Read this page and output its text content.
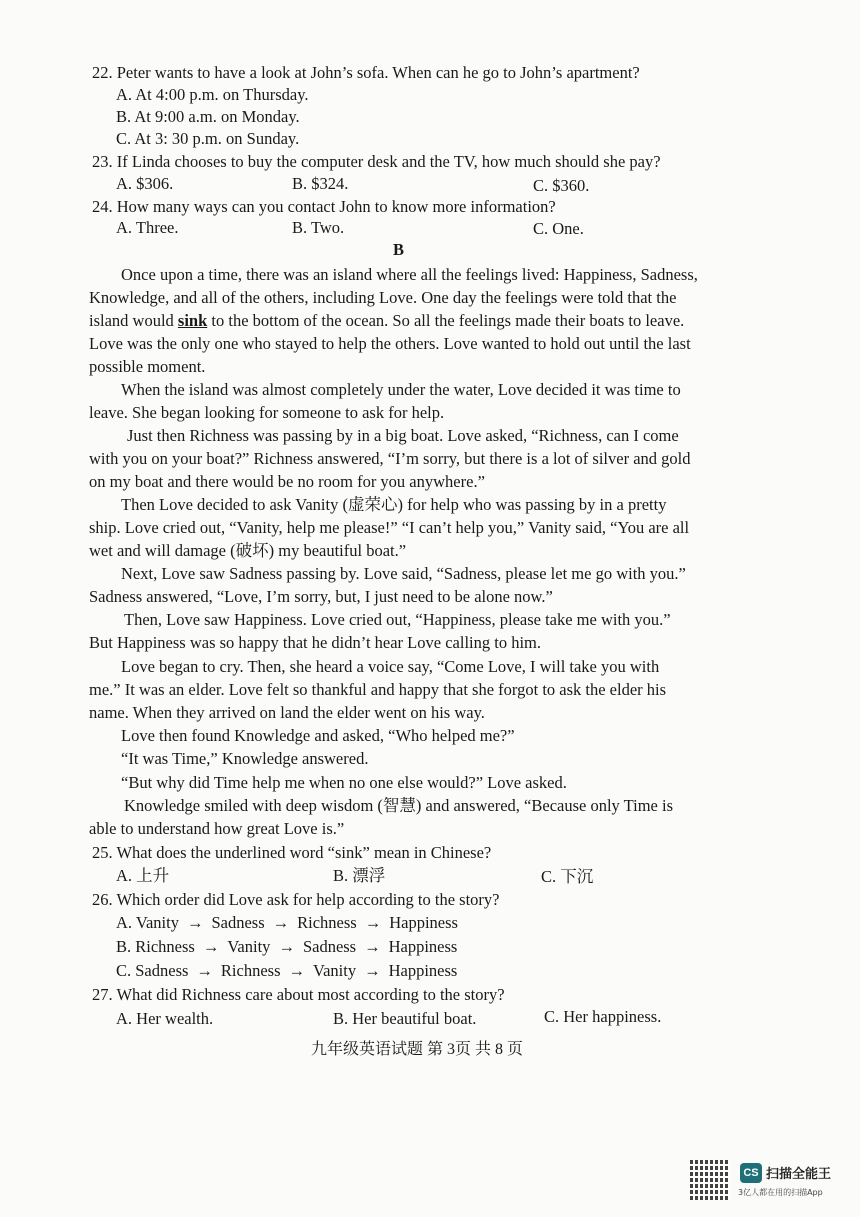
22. Peter wants to have a look at John’s sofa. When can he go to John’s apartment?
A. At 4:00 p.m. on Thursday.
B. At 9:00 a.m. on Monday.
C. At 3: 30 p.m. on Sunday.
23. If Linda chooses to buy the computer desk and the TV, how much should she pay?
A. $306.	B. $324.	C. $360.
24. How many ways can you contact John to know more information?
A. Three.	B. Two.	C. One.
B
Once upon a time, there was an island where all the feelings lived: Happiness, Sadness,
Knowledge, and all of the others, including Love. One day the feelings were told that the
island would sink to the bottom of the ocean. So all the feelings made their boats to leave.
Love was the only one who stayed to help the others. Love wanted to hold out until the last
possible moment.
When the island was almost completely under the water, Love decided it was time to
leave. She began looking for someone to ask for help.
Just then Richness was passing by in a big boat. Love asked, “Richness, can I come
with you on your boat?” Richness answered, “I’m sorry, but there is a lot of silver and gold
on my boat and there would be no room for you anywhere.”
Then Love decided to ask Vanity (虚荣心) for help who was passing by in a pretty
ship. Love cried out, “Vanity, help me please!” “I can’t help you,” Vanity said, “You are all
wet and will damage (破坏) my beautiful boat.”
Next, Love saw Sadness passing by. Love said, “Sadness, please let me go with you.”
Sadness answered, “Love, I’m sorry, but, I just need to be alone now.”
Then, Love saw Happiness. Love cried out, “Happiness, please take me with you.”
But Happiness was so happy that he didn’t hear Love calling to him.
Love began to cry. Then, she heard a voice say, “Come Love, I will take you with
me.” It was an elder. Love felt so thankful and happy that she forgot to ask the elder his
name. When they arrived on land the elder went on his way.
Love then found Knowledge and asked, “Who helped me?”
“It was Time,” Knowledge answered.
“But why did Time help me when no one else would?” Love asked.
Knowledge smiled with deep wisdom (智慧) and answered, “Because only Time is
able to understand how great Love is.”
25. What does the underlined word “sink” mean in Chinese?
A. 上升	B. 漂浮	C. 下沉
26. Which order did Love ask for help according to the story?
A. Vanity → Sadness → Richness → Happiness
B. Richness → Vanity → Sadness → Happiness
C. Sadness → Richness → Vanity → Happiness
27. What did Richness care about most according to the story?
A. Her wealth.	B. Her beautiful boat.	C. Her happiness.
九年级英语试题 第 3页 共 8 页
CS 扫描全能王
3亿人都在用的扫描App
